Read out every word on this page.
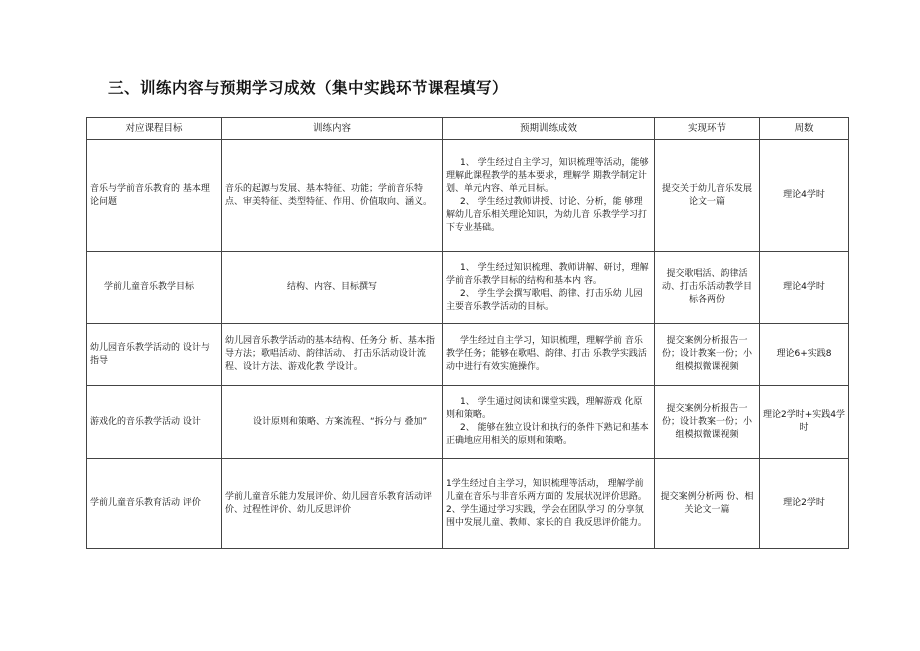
三、训练内容与预期学习成效（集中实践环节课程填写）
对应课程目标	训练内容	预期训练成效	实现环节	周数
音乐与学前音乐教育的 基本理论问题	音乐的起源与发展、基本特征、功能；学前音乐特点、审美特征、类型特征、作用、价值取向、涵义。	1、 学生经过自主学习，知识梳理等活动，能够理解此课程教学的基本要求，理解学 期教学制定计划、单元内容、单元目标。

2、 学生经过教师讲授、讨论、分析，能 够理解幼儿音乐相关理论知识，为幼儿音 乐教学学习打下专业基础。	提交关于幼儿音乐发展论文一篇	理论4学时

学前儿童音乐教学目标	结构、内容、目标撰写	1、 学生经过知识梳理、教师讲解、研讨，理解学前音乐教学目标的结构和基本内 容。

2、 学生学会撰写歌唱、韵律、打击乐幼 儿园主要音乐教学活动的目标。	提交歌唱活、韵律活动、打击乐活动教学目标各两份	理论4学时
幼儿园音乐教学活动的 设计与指导	幼儿园音乐教学活动的基本结构、任务分 析、基本指导方法；歌唱活动、韵律活动、 打击乐活动设计流程、设计方法、游戏化教 学设计。	学生经过自主学习，知识梳理，理解学前 音乐教学任务；能够在歌唱、韵律、打击 乐教学实践活动中进行有效实施操作。	提交案例分析报告一份；设计教案一份；小组模拟微课视频	理论6+实践8
游戏化的音乐教学活动 设计	设计原则和策略、方案流程、“拆分与 叠加”	1、 学生通过阅读和课堂实践，理解游戏 化原则和策略。

2、 能够在独立设计和执行的条件下熟记和基本正确地应用相关的原则和策略。	提交案例分析报告一份；设计教案一份；小组模拟微课视频	理论2学时+实践4学时
学前儿童音乐教育活动 评价	学前儿童音乐能力发展评价、幼儿园音乐教育活动评价、过程性评价、幼儿反思评价	1学生经过自主学习，知识梳理等活动， 理解学前儿童在音乐与非音乐两方面的 发展状况评价思路。

2、学生通过学习实践，学会在团队学习 的分享氛围中发展儿童、教师、家长的自 我反思评价能力。	提交案例分析两 份、相关论文一篇	理论2学时
